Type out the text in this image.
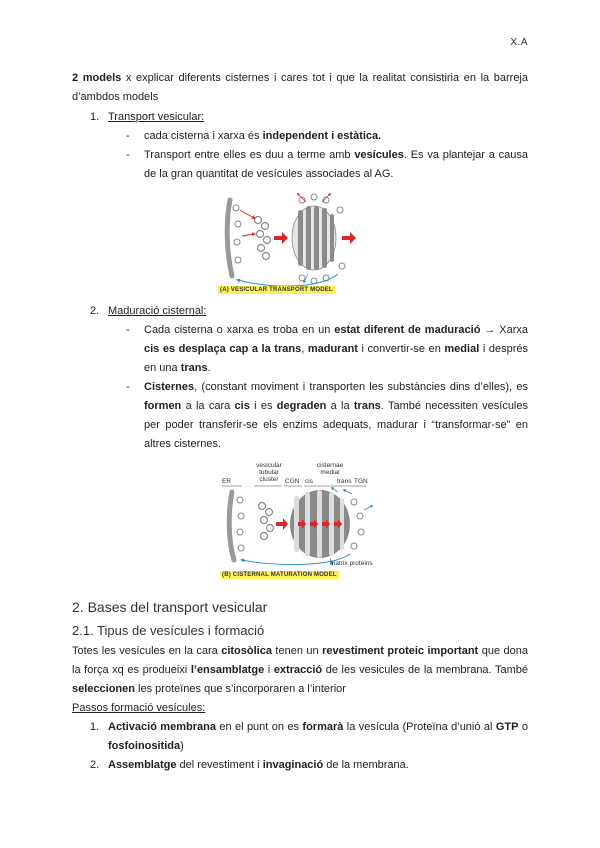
X.A
2 models x explicar diferents cisternes i cares tot i que la realitat consistiria en la barreja d’ambdos models
1. Transport vesicular:
- cada cisterna i xarxa és independent i estàtica.
- Transport entre elles es duu a terme amb vesícules. Es va plantejar a causa de la gran quantitat de vesícules associades al AG.
(A) VESICULAR TRANSPORT MODEL
2. Maduració cisternal:
- Cada cisterna o xarxa es troba en un estat diferent de maduració → Xarxa cis es desplaça cap a la trans, madurant i convertir-se en medial i després en una trans.
- Cisternes, (constant moviment i transporten les substàncies dins d’elles), es formen a la cara cis i es degraden a la trans. També necessiten vesícules per poder transferir-se els enzims adequats, madurar i “transformar-se” en altres cisternes.
ER
vesicular tubular cluster CGN
cisternae medial
cis	trans TGN
matrix proteins
(B) CISTERNAL MATURATION MODEL
2. Bases del transport vesicular
2.1. Tipus de vesícules i formació
Totes les vesícules en la cara citosòlica tenen un revestiment proteic important que dona la força xq es produeixi l’ensamblatge i extracció de les vesicules de la membrana. També seleccionen les proteïnes que s’incorporaren a l’interior
Passos formació vesícules:
1. Activació membrana en el punt on es formarà la vesícula (Proteïna d’unió al GTP o fosfoinositida)
2. Assemblatge del revestiment i invaginació de la membrana.
